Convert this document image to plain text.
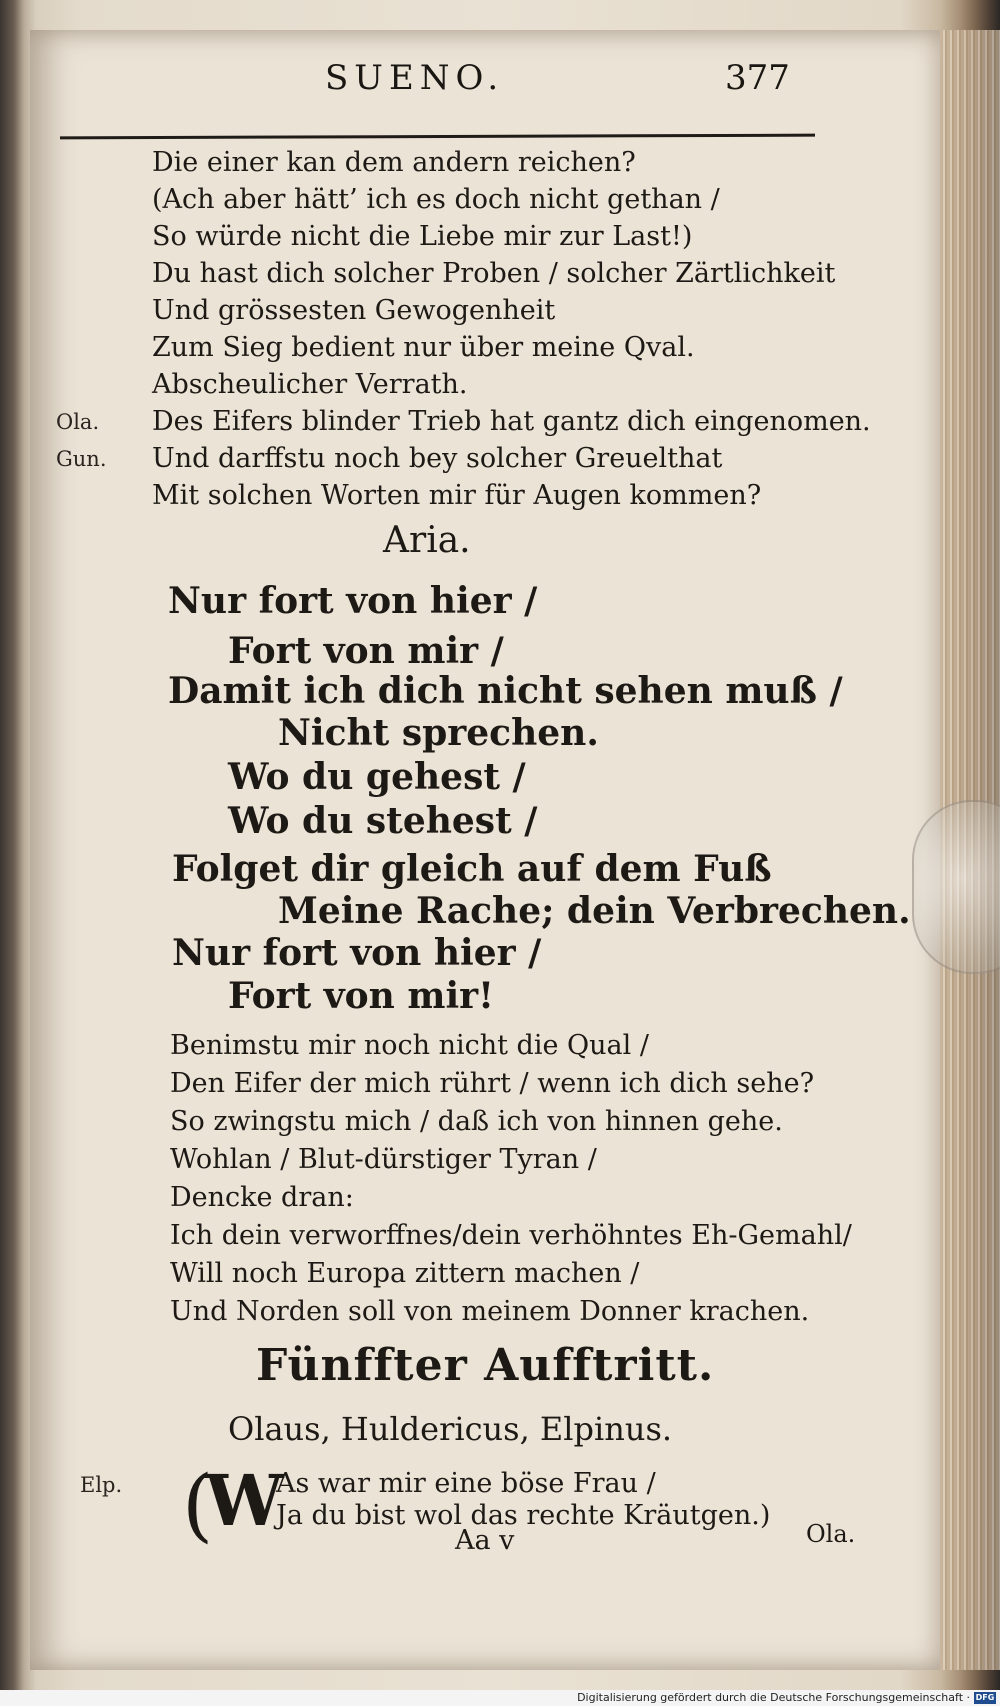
SUENO.	377
Die einer kan dem andern reichen?
(Ach aber hätt’ ich es doch nicht gethan /
So würde nicht die Liebe mir zur Last!)
Du hast dich solcher Proben / solcher Zärtlichkeit
Und grössesten Gewogenheit
Zum Sieg bedient nur über meine Qval.
Abscheulicher Verrath.
Ola. Des Eifers blinder Trieb hat gantz dich eingenomen.
Gun. Und darffstu noch bey solcher Greuelthat
Mit solchen Worten mir für Augen kommen?
Aria.
Nur fort von hier /
Fort von mir /
Damit ich dich nicht sehen muß /
Nicht sprechen.
Wo du gehest /
Wo du stehest /
Folget dir gleich auf dem Fuß
Meine Rache; dein Verbrechen.
Nur fort von hier /
Fort von mir!
Benimstu mir noch nicht die Qual /
Den Eifer der mich rührt / wenn ich dich sehe?
So zwingstu mich / daß ich von hinnen gehe.
Wohlan / Blut-dürstiger Tyran /
Dencke dran:
Ich dein verworffnes/dein verhöhntes Eh-Gemahl/
Will noch Europa zittern machen /
Und Norden soll von meinem Donner krachen.
Fünffter Aufftritt.
Olaus, Huldericus, Elpinus.
Elp. (
W
As war mir eine böse Frau /
Ja du bist wol das rechte Kräutgen.)
Aa v	Ola.
Digitalisierung gefördert durch die Deutsche Forschungsgemeinschaft · DFG
